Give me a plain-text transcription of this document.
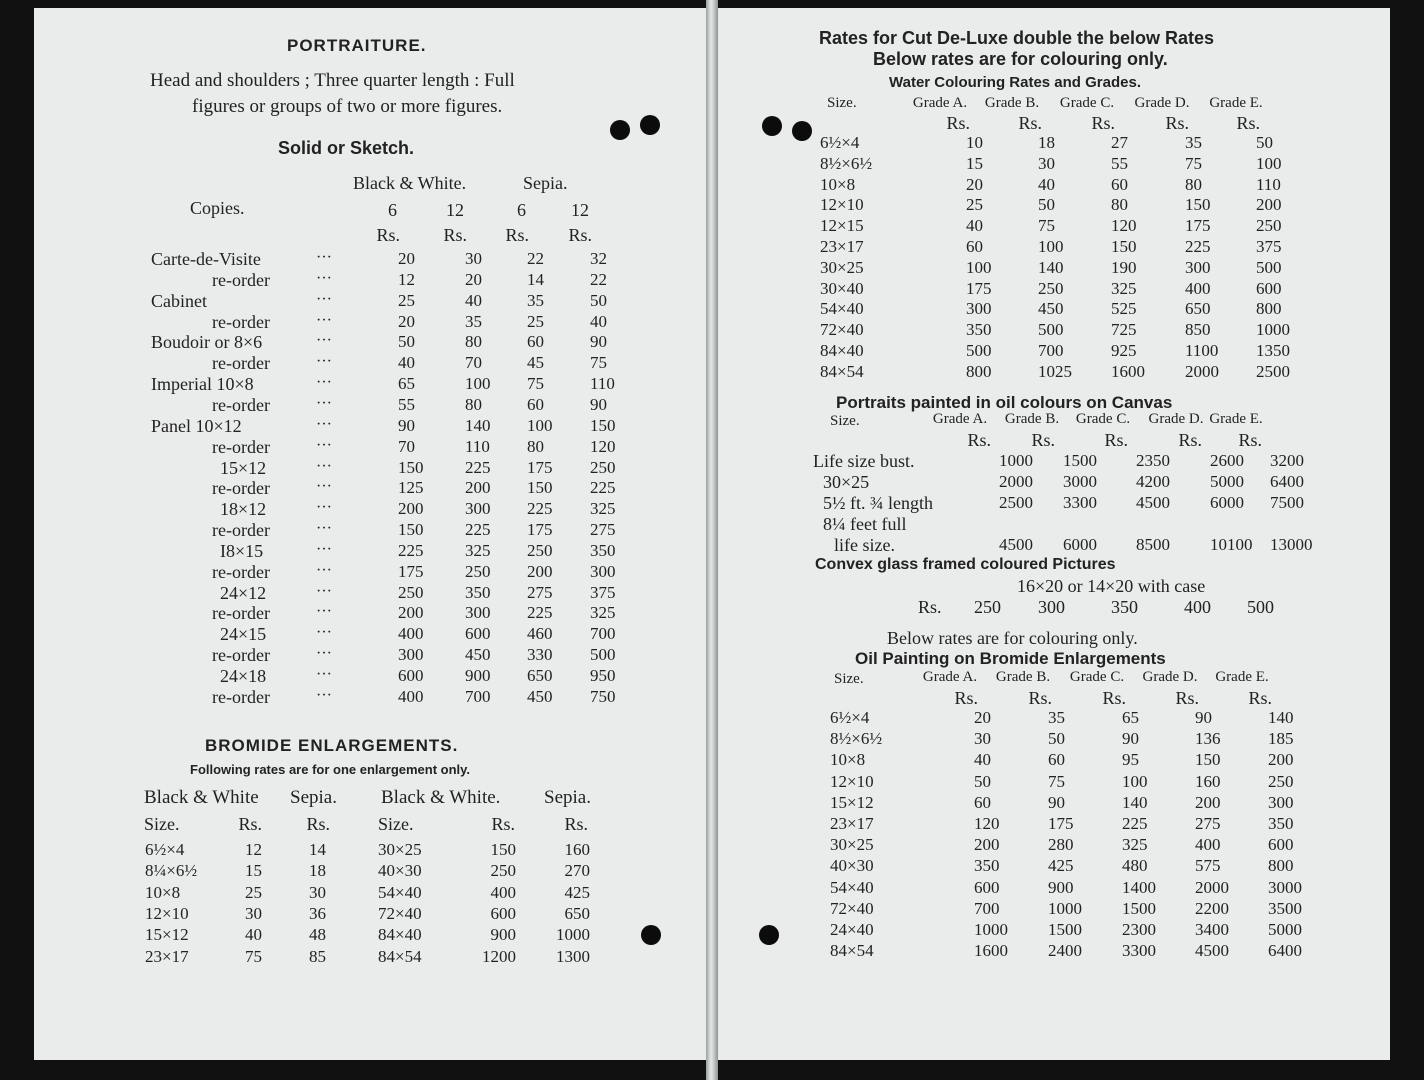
PORTRAITURE.
Head and shoulders ; Three quarter length : Full
figures or groups of two or more figures.
Solid or Sketch.
Black & White.	Sepia.
Copies.	6	12	6	12
Rs.	Rs.	Rs.	Rs.
Carte-de-Visite	···	20	30	22	32
re-order	···	12	20	14	22
Cabinet	···	25	40	35	50
re-order	···	20	35	25	40
Boudoir or 8×6	···	50	80	60	90
re-order	···	40	70	45	75
Imperial 10×8	···	65	100 75	110
re-order	···	55	80	60	90
Panel 10×12	···	90	140 100 150
re-order	···	70	110 80	120
15×12	···	150 225 175 250
re-order	···	125 200 150 225
18×12	···	200 300 225 325
re-order	···	150 225 175 275
I8×15	···	225 325 250 350
re-order	···	175 250 200 300
24×12	···	250 350 275 375
re-order	···	200 300 225 325
24×15	···	400 600 460 700
re-order	···	300 450 330 500
24×18	···	600 900 650 950
re-order	···	400 700 450 750
BROMIDE ENLARGEMENTS.
Following rates are for one enlargement only.
Black & White Sepia. Black & White. Sepia.
Size.	Rs.	Rs.	Size.	Rs.	Rs.
6½×4	12	14	30×25	150	160
8¼×6½	15	18	40×30	250	270
10×8	25	30	54×40	400	425
12×10	30	36	72×40	600	650
15×12	40	48	84×40	900	1000
23×17	75	85	84×54	1200	1300
Rates for Cut De-Luxe double the below Rates
Below rates are for colouring only.
Water Colouring Rates and Grades.
Size.	Grade A.	Grade B.	Grade C.	Grade D.	Grade E.
Rs.	Rs.	Rs.	Rs.	Rs.
6½×4	10	18	27	35	50
8½×6½	15	30	55	75	100
10×8	20	40	60	80	110
12×10	25	50	80	150	200
12×15	40	75	120	175	250
23×17	60	100	150	225	375
30×25	100	140	190	300	500
30×40	175	250	325	400	600
54×40	300	450	525	650	800
72×40	350	500	725	850	1000
84×40	500	700	925	1100 1350
84×54	800	1025 1600 2000 2500
Portraits painted in oil colours on Canvas
Size.	Grade A.	Grade B.	Grade C.	Grade D. Grade E.
Rs.	Rs.	Rs.	Rs.	Rs.
Life size bust.	1000 1500 2350 2600 3200
30×25	2000 3000 4200 5000 6400
5½ ft. ¾ length	2500 3300 4500 6000 7500
8¼ feet full
life size.	4500 6000 8500 10100 13000
Convex glass framed coloured Pictures
16×20 or 14×20 with case
Rs.	250	300	350	400	500
Below rates are for colouring only.
Oil Painting on Bromide Enlargements
Size.	Grade A.	Grade B.	Grade C.	Grade D.	Grade E.
Rs.	Rs.	Rs.	Rs.	Rs.
6½×4	20	35	65	90	140
8½×6½	30	50	90	136	185
10×8	40	60	95	150	200
12×10	50	75	100	160	250
15×12	60	90	140	200	300
23×17	120	175	225	275	350
30×25	200	280	325	400	600
40×30	350	425	480	575	800
54×40	600	900	1400 2000 3000
72×40	700	1000 1500 2200 3500
24×40	1000 1500 2300 3400 5000
84×54	1600 2400 3300 4500 6400
